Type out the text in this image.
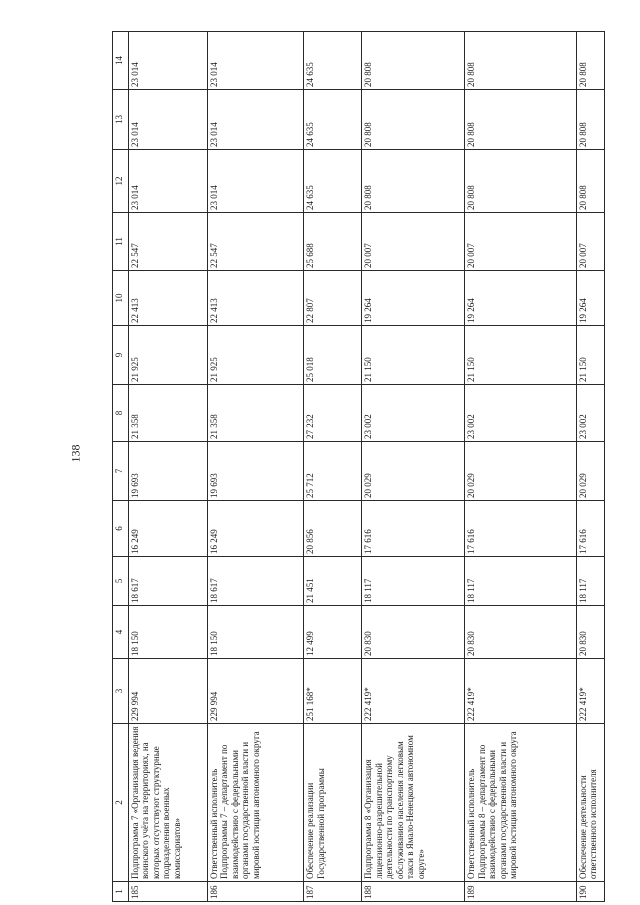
138
1	2	3	4	5	6	7	8	9	10	11	12	13	14
185	Подпрограмма 7 «Организация ведения воинского учёта на территориях, на которых отсутствуют структурные подразделения военных комиссариатов»	229 994	18 150	18 617	16 249	19 693	21 358	21 925	22 413	22 547	23 014	23 014	23 014
186	Ответственный исполнитель Подпрограммы 7 – департамент по взаимодействию с федеральными органами государственной власти и мировой юстиции автономного округа	229 994	18 150	18 617	16 249	19 693	21 358	21 925	22 413	22 547	23 014	23 014	23 014
187	Обеспечение реализации Государственной программы	251 168*	12 499	21 451	20 856	25 712	27 232	25 018	22 807	25 688	24 635	24 635	24 635
188	Подпрограмма 8 «Организация лицензионно-разрешительной деятельности по транспортному обслуживанию населения легковым такси в Ямало-Ненецком автономном округе»	222 419*	20 830	18 117	17 616	20 029	23 002	21 150	19 264	20 007	20 808	20 808	20 808
189	Ответственный исполнитель Подпрограммы 8 – департамент по взаимодействию с федеральными органами государственной власти и мировой юстиции автономного округа	222 419*	20 830	18 117	17 616	20 029	23 002	21 150	19 264	20 007	20 808	20 808	20 808
190	Обеспечение деятельности ответственного исполнителя	222 419*	20 830	18 117	17 616	20 029	23 002	21 150	19 264	20 007	20 808	20 808	20 808
